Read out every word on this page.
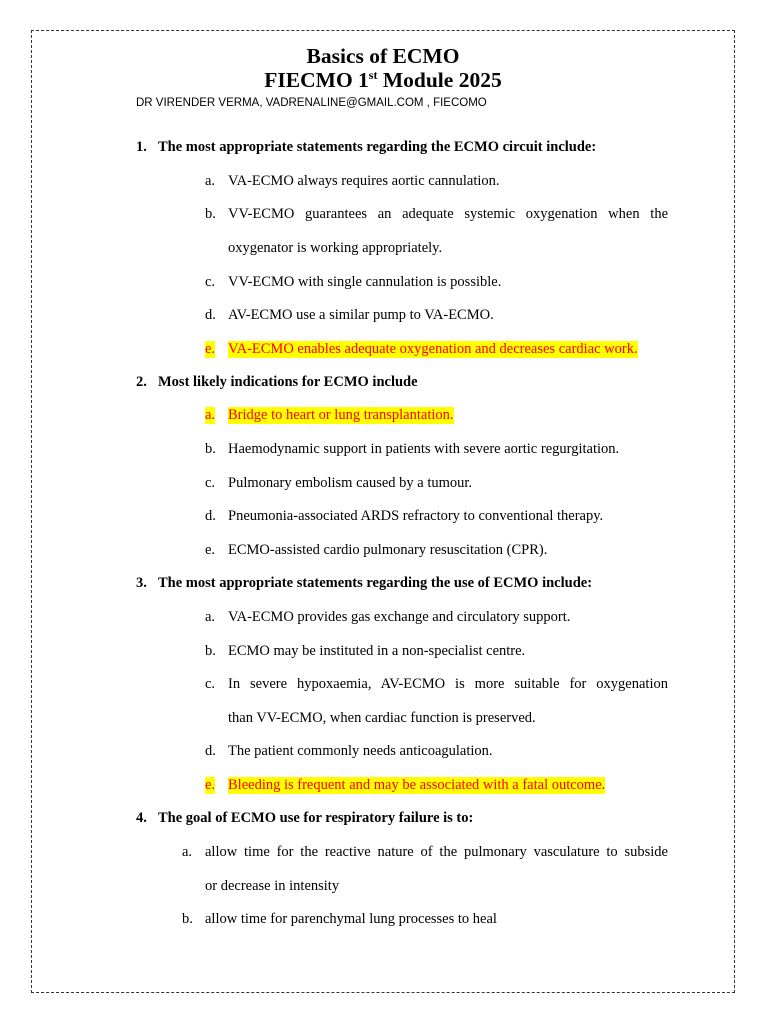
Basics of ECMO
FIECMO 1st Module 2025
DR VIRENDER VERMA, VADRENALINE@GMAIL.COM , FIECOMO
1. The most appropriate statements regarding the ECMO circuit include:
a. VA-ECMO always requires aortic cannulation.
b. VV-ECMO guarantees an adequate systemic oxygenation when the
oxygenator is working appropriately.
c. VV-ECMO with single cannulation is possible.
d. AV-ECMO use a similar pump to VA-ECMO.
e. VA-ECMO enables adequate oxygenation and decreases cardiac work.
2. Most likely indications for ECMO include
a. Bridge to heart or lung transplantation.
b. Haemodynamic support in patients with severe aortic regurgitation.
c. Pulmonary embolism caused by a tumour.
d. Pneumonia-associated ARDS refractory to conventional therapy.
e. ECMO-assisted cardio pulmonary resuscitation (CPR).
3. The most appropriate statements regarding the use of ECMO include:
a. VA-ECMO provides gas exchange and circulatory support.
b. ECMO may be instituted in a non-specialist centre.
c. In severe hypoxaemia, AV-ECMO is more suitable for oxygenation
than VV-ECMO, when cardiac function is preserved.
d. The patient commonly needs anticoagulation.
e. Bleeding is frequent and may be associated with a fatal outcome.
4. The goal of ECMO use for respiratory failure is to:
a. allow time for the reactive nature of the pulmonary vasculature to subside
or decrease in intensity
b. allow time for parenchymal lung processes to heal
